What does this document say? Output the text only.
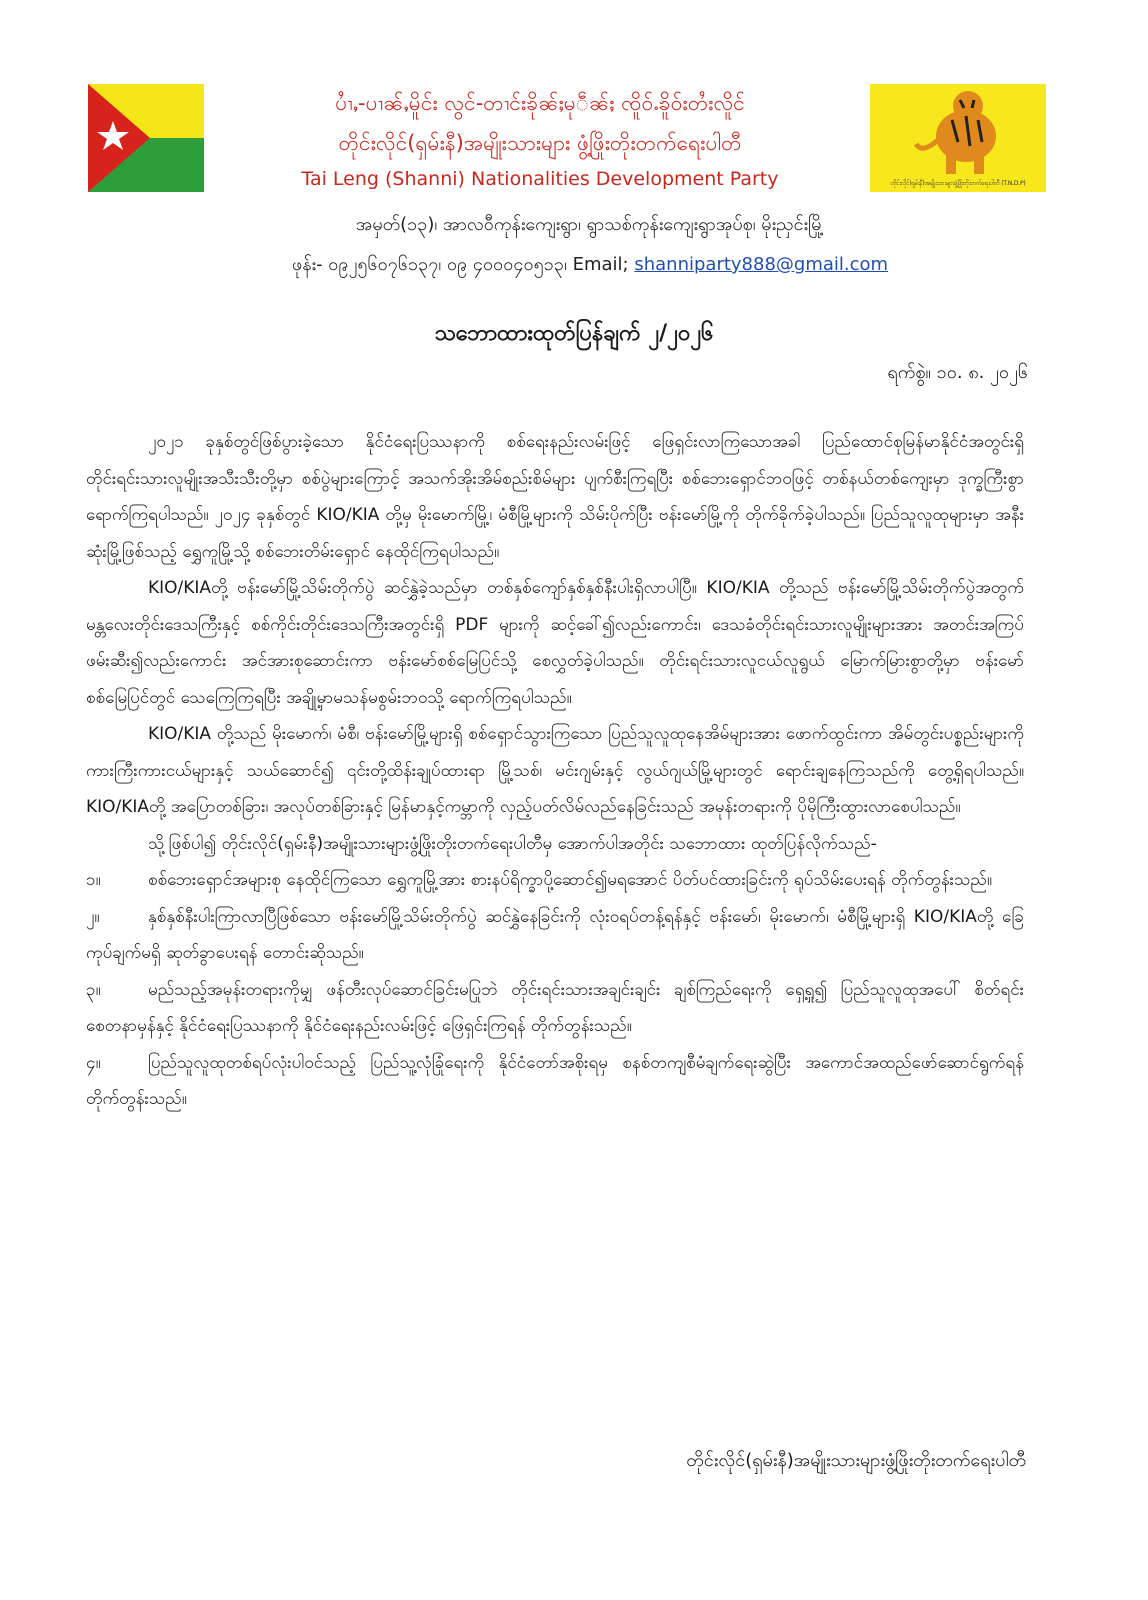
တိုင်းလိုင်(ရှမ်းနီ)အမျိုးသားများဖွံ့ဖြိုးတိုးတက်ရေးပါတီ (T.N.D.P)
ပၢႆႇ-ပၢၼ်ႇမိူင်း လွင်-တၢင်းၶိုၼ်ႈမုဵၼ်ႈ ၸိူဝ်ႉၶိူဝ်းတႆးလိူင်
တိုင်းလိုင်(ရှမ်းနီ)အမျိုးသားများ ဖွံ့ဖြိုးတိုးတက်ရေးပါတီ
Tai Leng (Shanni) Nationalities Development Party
အမှတ်(၁၃)၊ အာလဝီကုန်းကျေးရွာ၊ ရွာသစ်ကုန်းကျေးရွာအုပ်စု၊ မိုးညှင်းမြို့
ဖုန်း- ၀၉၂၅၆၀၇၆၁၃၇၊ ၀၉ ၄၀၀၀၄၀၅၁၃၊ Email; shanniparty888@gmail.com
သဘောထားထုတ်ပြန်ချက် ၂/၂၀၂၆
ရက်စွဲ။ ၁၀. ၈. ၂၀၂၆

၂၀၂၁ ခုနှစ်တွင်ဖြစ်ပွားခဲ့သော နိုင်ငံရေးပြဿနာကို စစ်ရေးနည်းလမ်းဖြင့် ဖြေရှင်းလာကြသောအခါ ပြည်ထောင်စုမြန်မာနိုင်ငံအတွင်းရှိ တိုင်းရင်းသားလူမျိုးအသီးသီးတို့မှာ စစ်ပွဲများကြောင့် အသက်အိုးအိမ်စည်းစိမ်များ ပျက်စီးကြရပြီး စစ်ဘေးရှောင်ဘဝဖြင့် တစ်နယ်တစ်ကျေးမှာ ဒုက္ခကြီးစွာရောက်ကြရပါသည်။ ၂၀၂၄ ခုနှစ်တွင် KIO/KIA တို့မှ မိုးမောက်မြို့၊ မံစီမြို့များကို သိမ်းပိုက်ပြီး ဗန်းမော်မြို့ကို တိုက်ခိုက်ခဲ့ပါသည်။ ပြည်သူလူထုများမှာ အနီးဆုံးမြို့ဖြစ်သည့် ရွှေကူမြို့သို့ စစ်ဘေးတိမ်းရှောင် နေထိုင်ကြရပါသည်။

KIO/KIAတို့ ဗန်းမော်မြို့သိမ်းတိုက်ပွဲ ဆင်နွှဲခဲ့သည်မှာ တစ်နှစ်ကျော်နှစ်နှစ်နီးပါးရှိလာပါပြီ။ KIO/KIA တို့သည် ဗန်းမော်မြို့သိမ်းတိုက်ပွဲအတွက် မန္တလေးတိုင်းဒေသကြီးနှင့် စစ်ကိုင်းတိုင်းဒေသကြီးအတွင်းရှိ PDF များကို ဆင့်ခေါ်၍လည်းကောင်း၊ ဒေသခံတိုင်းရင်းသားလူမျိုးများအား အတင်းအကြပ်ဖမ်းဆီး၍လည်းကောင်း အင်အားစုဆောင်းကာ ဗန်းမော်စစ်မြေပြင်သို့ စေလွှတ်ခဲ့ပါသည်။ တိုင်းရင်းသားလူငယ်လူရွယ် မြောက်မြားစွာတို့မှာ ဗန်းမော်စစ်မြေပြင်တွင် သေကြေကြရပြီး အချို့မှာမသန်မစွမ်းဘဝသို့ ရောက်ကြရပါသည်။

KIO/KIA တို့သည် မိုးမောက်၊ မံစီ၊ ဗန်းမော်မြို့များရှိ စစ်ရှောင်သွားကြသော ပြည်သူလူထုနေအိမ်များအား ဖောက်ထွင်းကာ အိမ်တွင်းပစ္စည်းများကို ကားကြီးကားငယ်များနှင့် သယ်ဆောင်၍ ၎င်းတို့ထိန်းချုပ်ထားရာ မြို့သစ်၊ မင်းဂျမ်းနှင့် လွယ်ဂျယ်မြို့များတွင် ရောင်းချနေကြသည်ကို တွေ့ရှိရပါသည်။ KIO/KIAတို့ အပြောတစ်ခြား၊ အလုပ်တစ်ခြားနှင့် မြန်မာနှင့်ကမ္ဘာကို လှည့်ပတ်လိမ်လည်နေခြင်းသည် အမုန်းတရားကို ပိုမိုကြီးထွားလာစေပါသည်။

သို့ဖြစ်ပါ၍ တိုင်းလိုင်(ရှမ်းနီ)အမျိုးသားများဖွံ့ဖြိုးတိုးတက်ရေးပါတီမှ အောက်ပါအတိုင်း သဘောထား ထုတ်ပြန်လိုက်သည်-

၁။	စစ်ဘေးရှောင်အများစု နေထိုင်ကြသော ရွှေကူမြို့အား စားနပ်ရိက္ခာပို့ဆောင်၍မရအောင် ပိတ်ပင်ထားခြင်းကို ရုပ်သိမ်းပေးရန် တိုက်တွန်းသည်။

၂။	နှစ်နှစ်နီးပါးကြာလာပြီဖြစ်သော ဗန်းမော်မြို့သိမ်းတိုက်ပွဲ ဆင်နွှဲနေခြင်းကို လုံးဝရပ်တန့်ရန်နှင့် ဗန်းမော်၊ မိုးမောက်၊ မံစီမြို့များရှိ KIO/KIAတို့ ခြေကုပ်ချက်မရှိ ဆုတ်ခွာပေးရန် တောင်းဆိုသည်။

၃။	မည်သည့်အမုန်းတရားကိုမျှ ဖန်တီးလုပ်ဆောင်ခြင်းမပြုဘဲ တိုင်းရင်းသားအချင်းချင်း ချစ်ကြည်ရေးကို ရှေ့ရှု၍ ပြည်သူလူထုအပေါ် စိတ်ရင်းစေတနာမှန်နှင့် နိုင်ငံရေးပြဿနာကို နိုင်ငံရေးနည်းလမ်းဖြင့် ဖြေရှင်းကြရန် တိုက်တွန်းသည်။

၄။	ပြည်သူလူထုတစ်ရပ်လုံးပါဝင်သည့် ပြည်သူ့လုံခြုံရေးကို နိုင်ငံတော်အစိုးရမှ စနစ်တကျစီမံချက်ရေးဆွဲပြီး အကောင်အထည်ဖော်ဆောင်ရွက်ရန် တိုက်တွန်းသည်။

တိုင်းလိုင်(ရှမ်းနီ)အမျိုးသားများဖွံ့ဖြိုးတိုးတက်ရေးပါတီ
